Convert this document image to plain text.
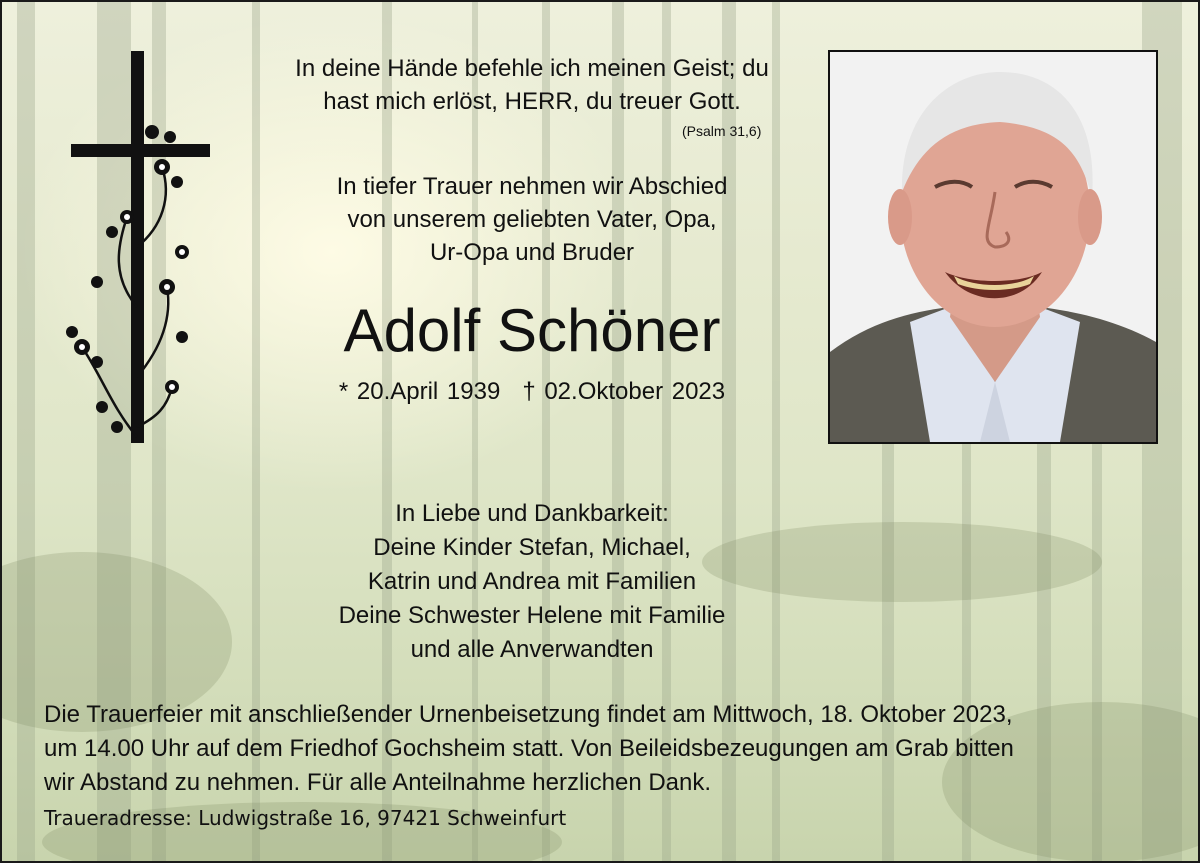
In deine Hände befehle ich meinen Geist; du
hast mich erlöst, HERR, du treuer Gott.
(Psalm 31,6)
In tiefer Trauer nehmen wir Abschied
von unserem geliebten Vater, Opa,
Ur-Opa und Bruder
Adolf Schöner
* 20.April 1939 † 02.Oktober 2023
In Liebe und Dankbarkeit:
Deine Kinder Stefan, Michael,
Katrin und Andrea mit Familien
Deine Schwester Helene mit Familie
und alle Anverwandten
Die Trauerfeier mit anschließender Urnenbeisetzung findet am Mittwoch, 18. Oktober 2023,
um 14.00 Uhr auf dem Friedhof Gochsheim statt. Von Beileidsbezeugungen am Grab bitten
wir Abstand zu nehmen. Für alle Anteilnahme herzlichen Dank.
Traueradresse: Ludwigstraße 16, 97421 Schweinfurt
